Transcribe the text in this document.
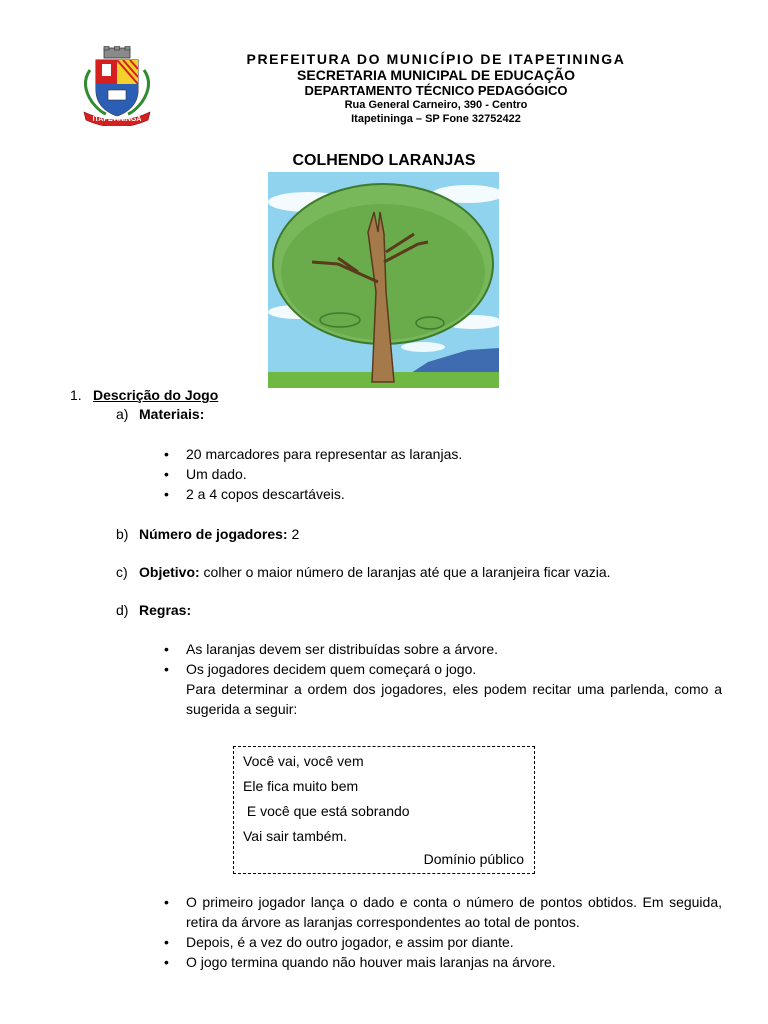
ITAPETININGA
PREFEITURA DO MUNICÍPIO DE ITAPETININGA
SECRETARIA MUNICIPAL DE EDUCAÇÃO
DEPARTAMENTO TÉCNICO PEDAGÓGICO
Rua General Carneiro, 390 - Centro
Itapetininga – SP Fone 32752422
COLHENDO LARANJAS
1. Descrição do Jogo
a) Materiais:
• 20 marcadores para representar as laranjas.
• Um dado.
• 2 a 4 copos descartáveis.
b) Número de jogadores: 2
c) Objetivo: colher o maior número de laranjas até que a laranjeira ficar vazia.
d) Regras:
• As laranjas devem ser distribuídas sobre a árvore.
• Os jogadores decidem quem começará o jogo.
Para determinar a ordem dos jogadores, eles podem recitar uma parlenda, como a sugerida a seguir:
Você vai, você vem
Ele fica muito bem
E você que está sobrando
Vai sair também.
Domínio público
• O primeiro jogador lança o dado e conta o número de pontos obtidos. Em seguida, retira da árvore as laranjas correspondentes ao total de pontos.
• Depois, é a vez do outro jogador, e assim por diante.
• O jogo termina quando não houver mais laranjas na árvore.
